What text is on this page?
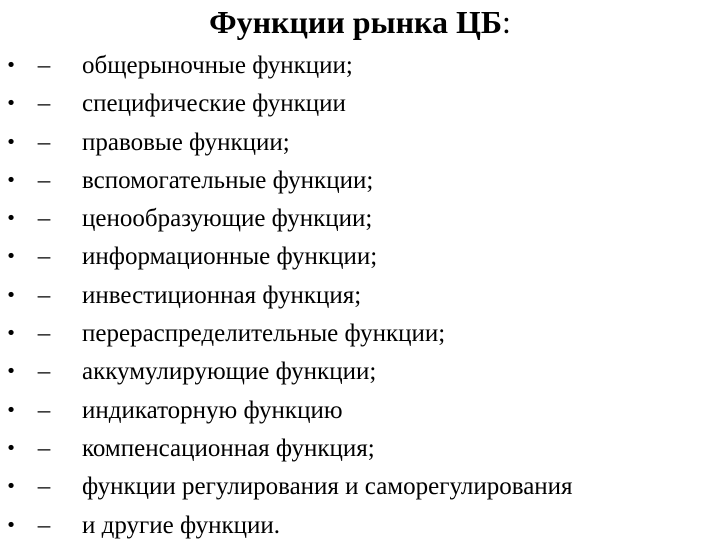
Функции рынка ЦБ:
• – общерыночные функции;
• – специфические функции
• – правовые функции;
• – вспомогательные функции;
• – ценообразующие функции;
• – информационные функции;
• – инвестиционная функция;
• – перераспределительные функции;
• – аккумулирующие функции;
• – индикаторную функцию
• – компенсационная функция;
• – функции регулирования и саморегулирования
• – и другие функции.
